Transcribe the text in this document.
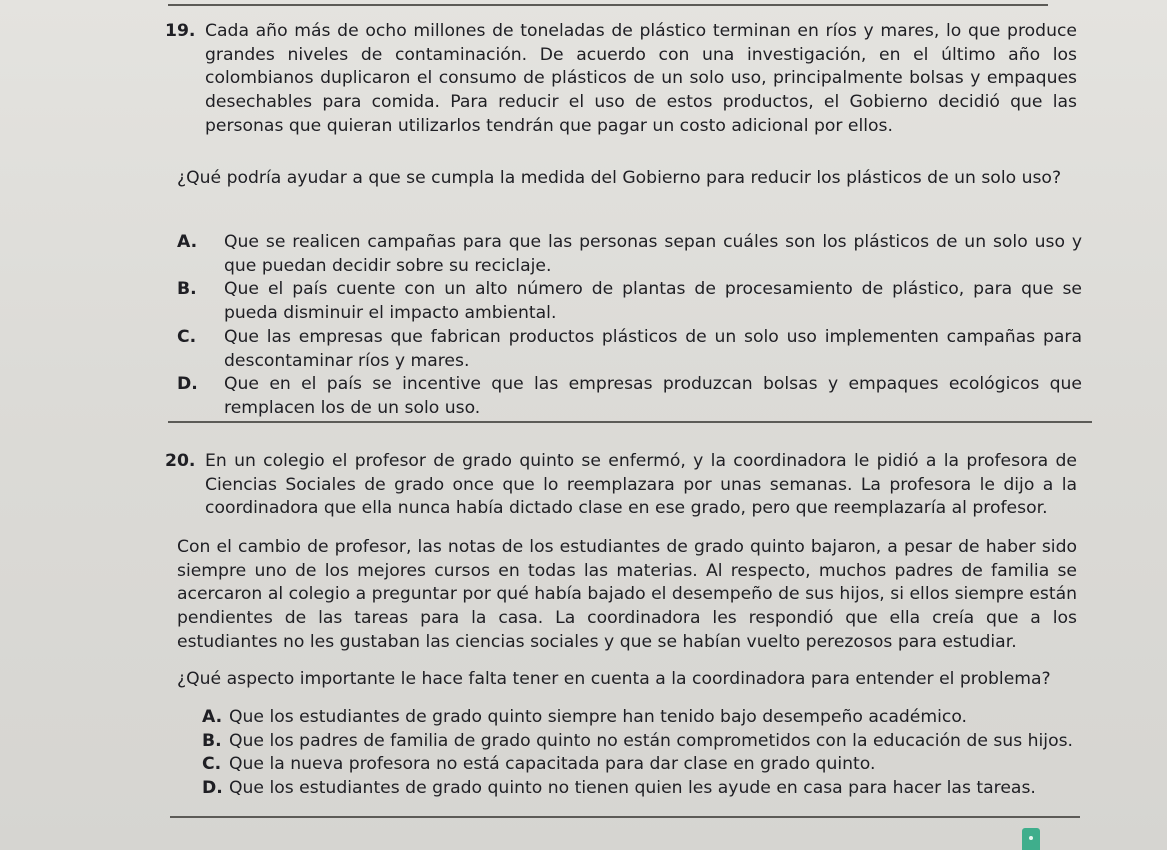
19. Cada año más de ocho millones de toneladas de plástico terminan en ríos y mares, lo que produce grandes niveles de contaminación. De acuerdo con una investigación, en el último año los colombianos duplicaron el consumo de plásticos de un solo uso, principalmente bolsas y empaques desechables para comida. Para reducir el uso de estos productos, el Gobierno decidió que las personas que quieran utilizarlos tendrán que pagar un costo adicional por ellos.

¿Qué podría ayudar a que se cumpla la medida del Gobierno para reducir los plásticos de un solo uso?

A. Que se realicen campañas para que las personas sepan cuáles son los plásticos de un solo uso y que puedan decidir sobre su reciclaje.

B. Que el país cuente con un alto número de plantas de procesamiento de plástico, para que se pueda disminuir el impacto ambiental.

C. Que las empresas que fabrican productos plásticos de un solo uso implementen campañas para descontaminar ríos y mares.

D. Que en el país se incentive que las empresas produzcan bolsas y empaques ecológicos que remplacen los de un solo uso.

20. En un colegio el profesor de grado quinto se enfermó, y la coordinadora le pidió a la profesora de Ciencias Sociales de grado once que lo reemplazara por unas semanas. La profesora le dijo a la coordinadora que ella nunca había dictado clase en ese grado, pero que reemplazaría al profesor.

Con el cambio de profesor, las notas de los estudiantes de grado quinto bajaron, a pesar de haber sido siempre uno de los mejores cursos en todas las materias. Al respecto, muchos padres de familia se acercaron al colegio a preguntar por qué había bajado el desempeño de sus hijos, si ellos siempre están pendientes de las tareas para la casa. La coordinadora les respondió que ella creía que a los estudiantes no les gustaban las ciencias sociales y que se habían vuelto perezosos para estudiar.

¿Qué aspecto importante le hace falta tener en cuenta a la coordinadora para entender el problema?

A. Que los estudiantes de grado quinto siempre han tenido bajo desempeño académico.

B. Que los padres de familia de grado quinto no están comprometidos con la educación de sus hijos.

C. Que la nueva profesora no está capacitada para dar clase en grado quinto.

D. Que los estudiantes de grado quinto no tienen quien les ayude en casa para hacer las tareas.
